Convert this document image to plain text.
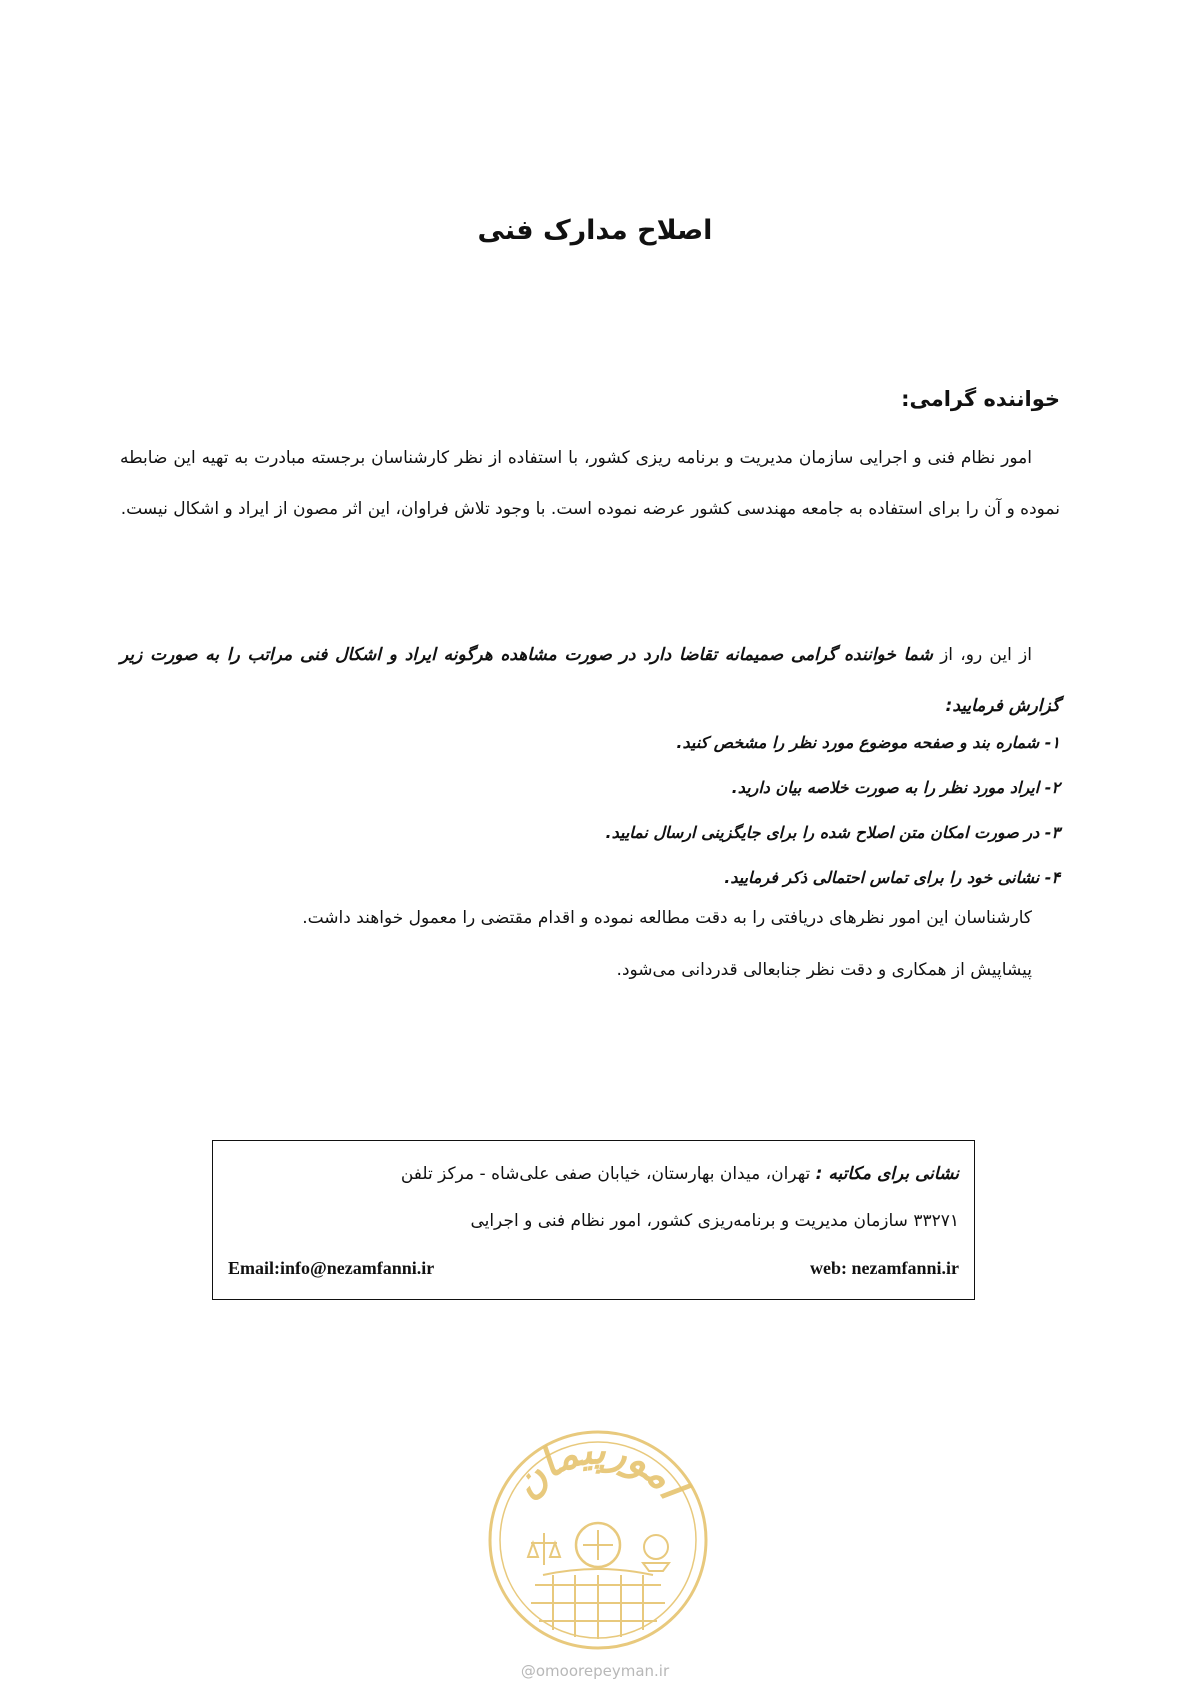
اصلاح مدارک فنی

خواننده گرامی:

امور نظام فنی و اجرایی سازمان مدیریت و برنامه ریزی کشور، با استفاده از نظر کارشناسان برجسته مبادرت به تهیه این ضابطه نموده و آن را برای استفاده به جامعه مهندسی کشور عرضه نموده است. با وجود تلاش فراوان، این اثر مصون از ایراد و اشکال نیست.

از این رو، از شما خواننده گرامی صمیمانه تقاضا دارد در صورت مشاهده هرگونه ایراد و اشکال فنی مراتب را به صورت زیر گزارش فرمایید:

۱- شماره بند و صفحه موضوع مورد نظر را مشخص کنید.
۲- ایراد مورد نظر را به صورت خلاصه بیان دارید.
۳- در صورت امکان متن اصلاح شده را برای جایگزینی ارسال نمایید.
۴- نشانی خود را برای تماس احتمالی ذکر فرمایید.

کارشناسان این امور نظرهای دریافتی را به دقت مطالعه نموده و اقدام مقتضی را معمول خواهند داشت.

پیشاپیش از همکاری و دقت نظر جنابعالی قدردانی می‌شود.

نشانی برای مکاتبه : تهران، میدان بهارستان، خیابان صفی علی‌شاه - مرکز تلفن
۳۳۲۷۱ سازمان مدیریت و برنامه‌ریزی کشور، امور نظام فنی و اجرایی
Email:info@nezamfanni.ir	web: nezamfanni.ir
امورپیمان
@omoorepeyman.ir
